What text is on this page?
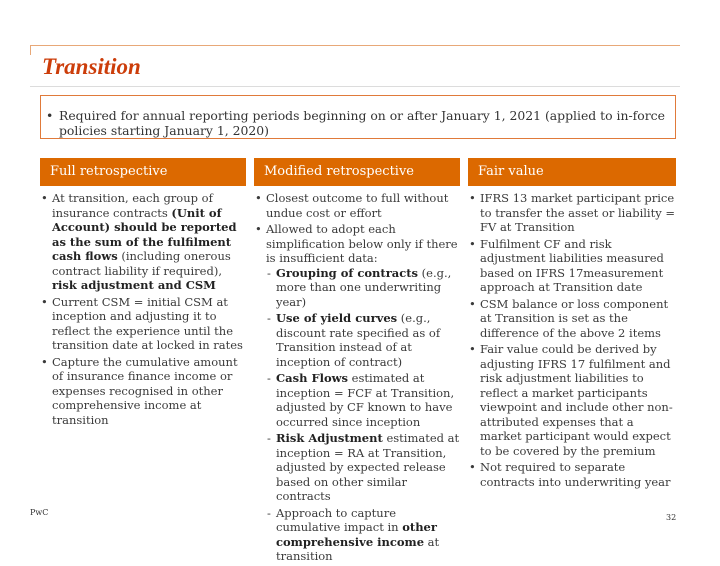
Transition
• Required for annual reporting periods beginning on or after January 1, 2021 (applied to in-force policies starting January 1, 2020)
Full retrospective	Modified retrospective	Fair value
• At transition, each group of insurance contracts (Unit of Account) should be reported as the sum of the fulfilment cash flows (including onerous contract liability if required), risk adjustment and CSM
• Current CSM = initial CSM at inception and adjusting it to reflect the experience until the transition date at locked in rates
• Capture the cumulative amount of insurance finance income or expenses recognised in other comprehensive income at transition
• Closest outcome to full without undue cost or effort
• Allowed to adopt each simplification below only if there is insufficient data:
- Grouping of contracts (e.g., more than one underwriting year)
- Use of yield curves (e.g., discount rate specified as of Transition instead of at inception of contract)
- Cash Flows estimated at inception = FCF at Transition, adjusted by CF known to have occurred since inception
- Risk Adjustment estimated at inception = RA at Transition, adjusted by expected release based on other similar contracts
- Approach to capture cumulative impact in other comprehensive income at transition
• IFRS 13 market participant price to transfer the asset or liability = FV at Transition
• Fulfilment CF and risk adjustment liabilities measured based on IFRS 17measurement approach at Transition date
• CSM balance or loss component at Transition is set as the difference of the above 2 items
• Fair value could be derived by adjusting IFRS 17 fulfilment and risk adjustment liabilities to reflect a market participants viewpoint and include other non-attributed expenses that a market participant would expect to be covered by the premium
• Not required to separate contracts into underwriting year
PwC
32
